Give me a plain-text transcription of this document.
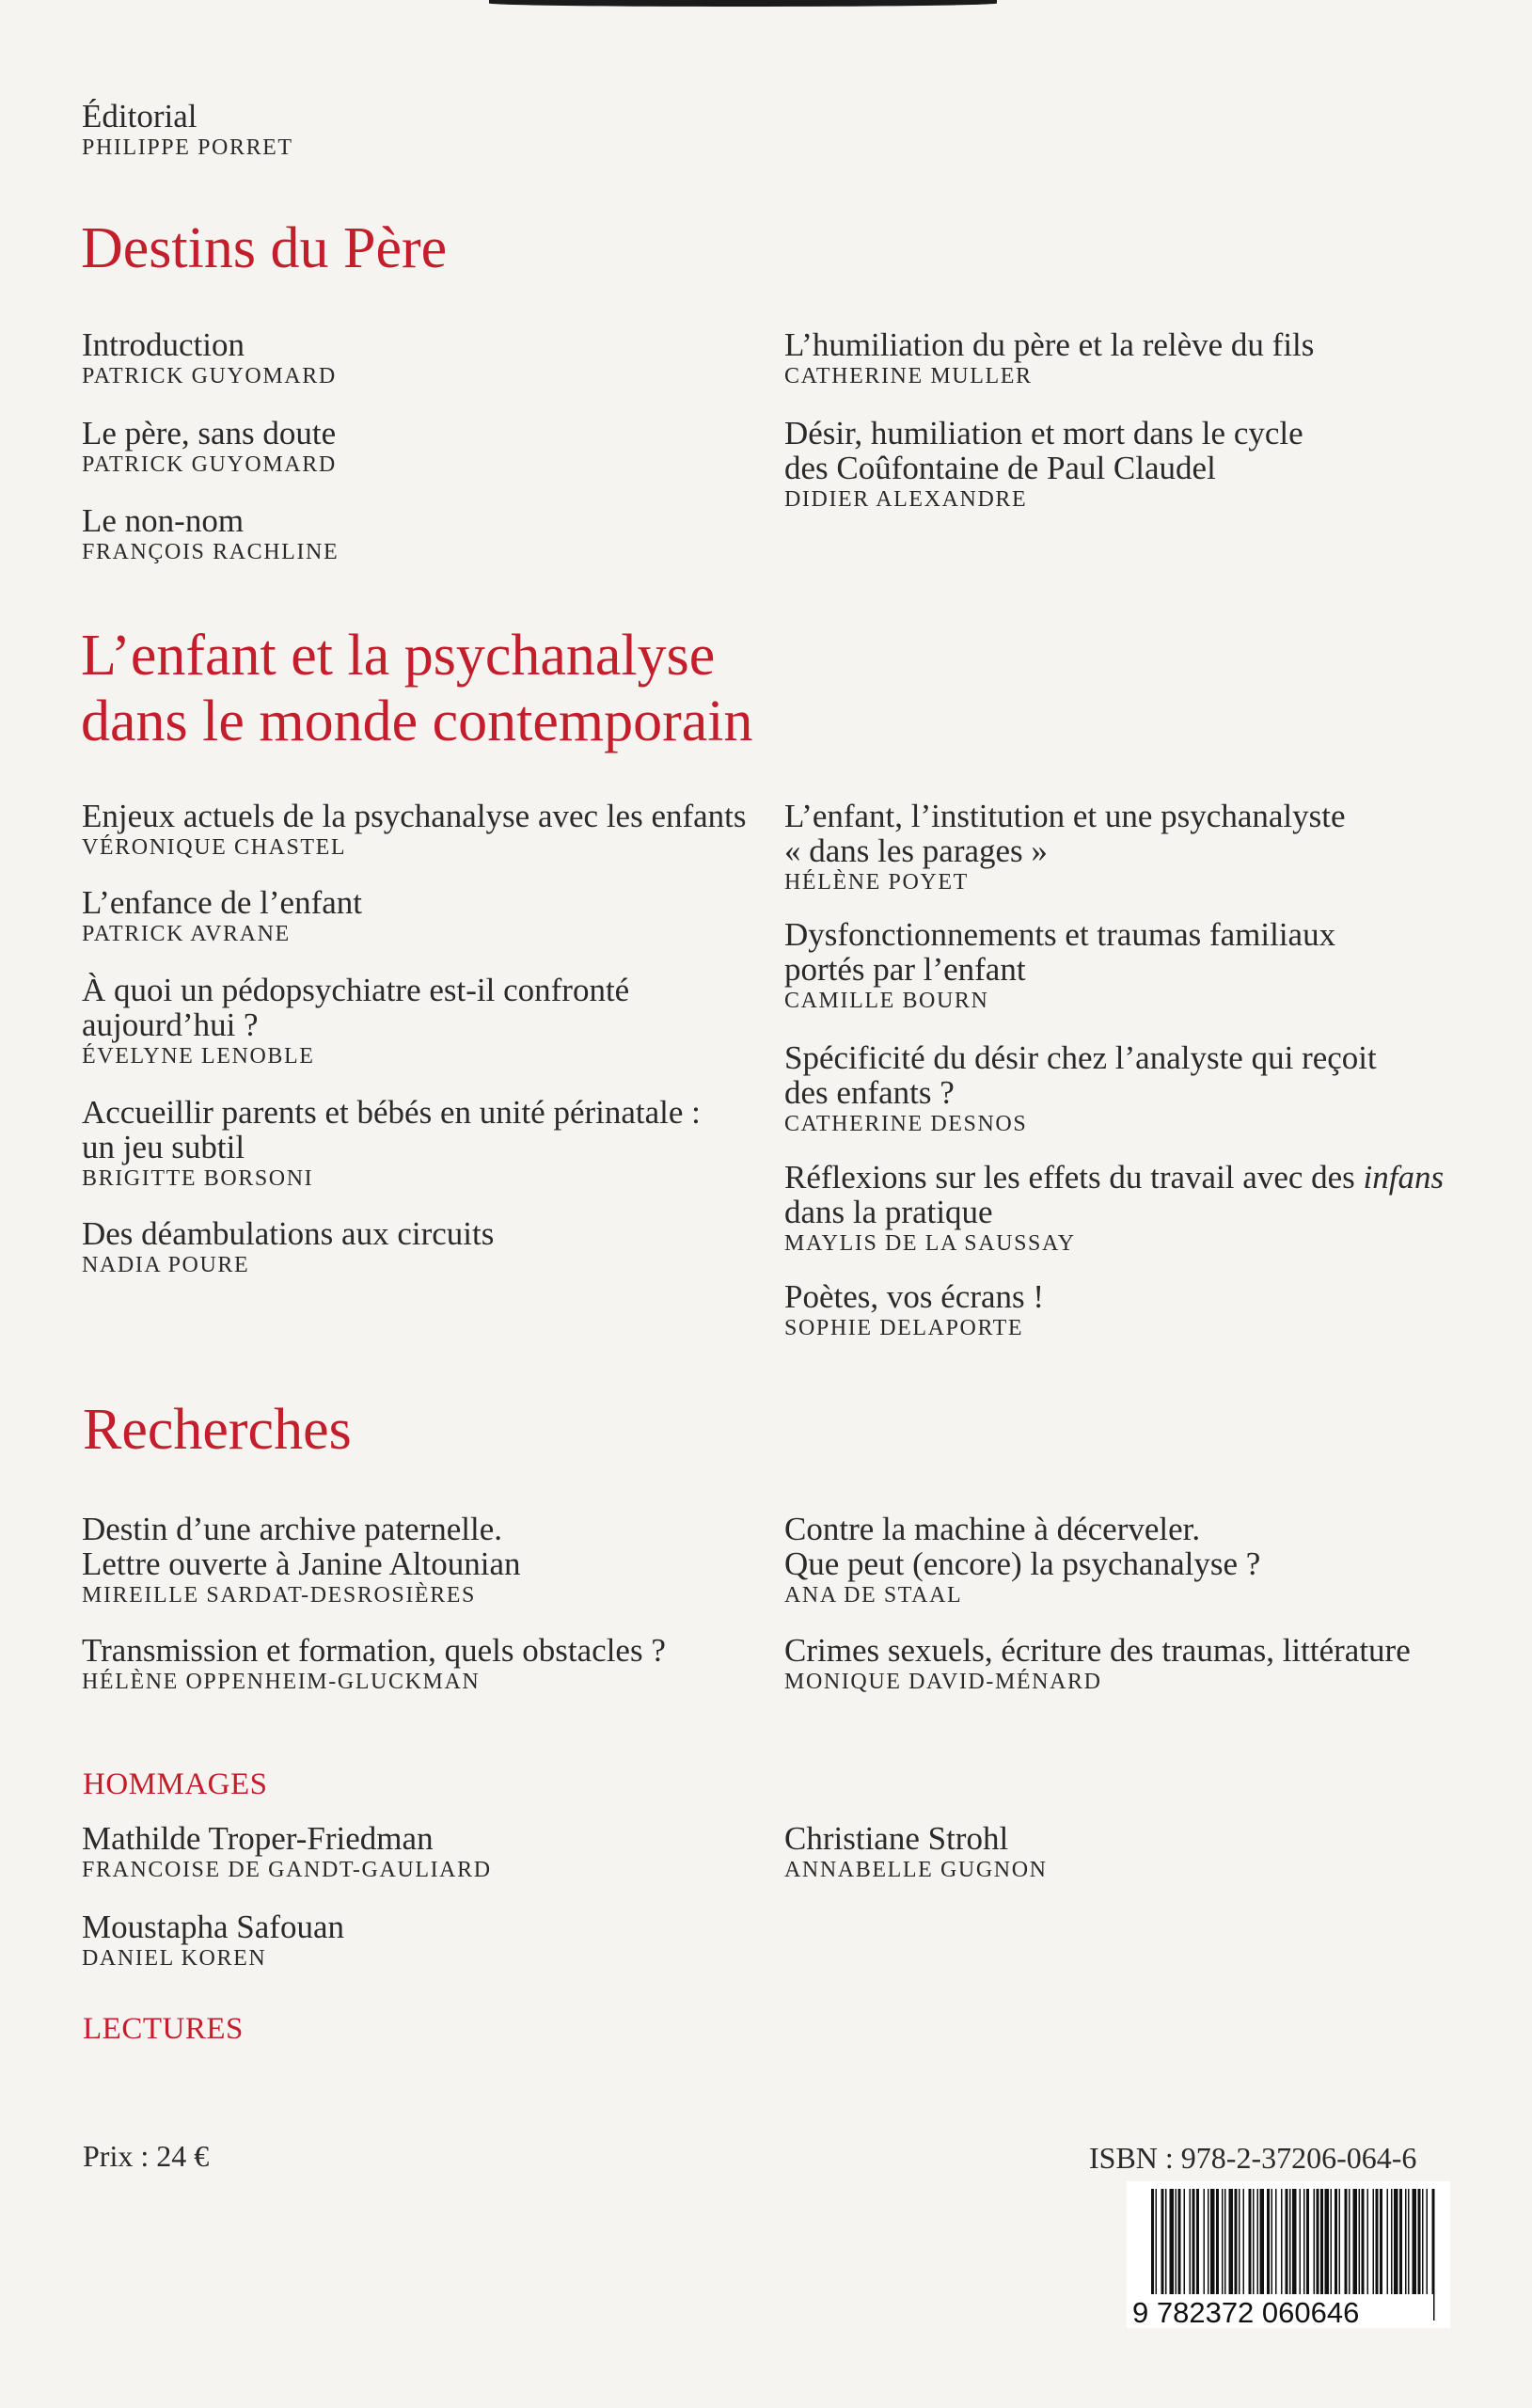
Éditorial
PHILIPPE PORRET
Destins du Père
Introduction
PATRICK GUYOMARD
Le père, sans doute
PATRICK GUYOMARD
Le non-nom
FRANÇOIS RACHLINE
L’humiliation du père et la relève du fils
CATHERINE MULLER
Désir, humiliation et mort dans le cycle
des Coûfontaine de Paul Claudel
DIDIER ALEXANDRE
L’enfant et la psychanalyse
dans le monde contemporain
Enjeux actuels de la psychanalyse avec les enfants
VÉRONIQUE CHASTEL
L’enfance de l’enfant
PATRICK AVRANE
À quoi un pédopsychiatre est-il confronté
aujourd’hui ?
ÉVELYNE LENOBLE
Accueillir parents et bébés en unité périnatale :
un jeu subtil
BRIGITTE BORSONI
Des déambulations aux circuits
NADIA POURE
L’enfant, l’institution et une psychanalyste
« dans les parages »
HÉLÈNE POYET
Dysfonctionnements et traumas familiaux
portés par l’enfant
CAMILLE BOURN
Spécificité du désir chez l’analyste qui reçoit
des enfants ?
CATHERINE DESNOS
Réflexions sur les effets du travail avec des infans
dans la pratique
MAYLIS DE LA SAUSSAY
Poètes, vos écrans !
SOPHIE DELAPORTE
Recherches
Destin d’une archive paternelle.
Lettre ouverte à Janine Altounian
MIREILLE SARDAT-DESROSIÈRES
Transmission et formation, quels obstacles ?
HÉLÈNE OPPENHEIM-GLUCKMAN
Contre la machine à décerveler.
Que peut (encore) la psychanalyse ?
ANA DE STAAL
Crimes sexuels, écriture des traumas, littérature
MONIQUE DAVID-MÉNARD
HOMMAGES
Mathilde Troper-Friedman
FRANCOISE DE GANDT-GAULIARD
Moustapha Safouan
DANIEL KOREN
Christiane Strohl
ANNABELLE GUGNON
LECTURES
Prix : 24 €	ISBN : 978-2-37206-064-6
9 782372 060646
